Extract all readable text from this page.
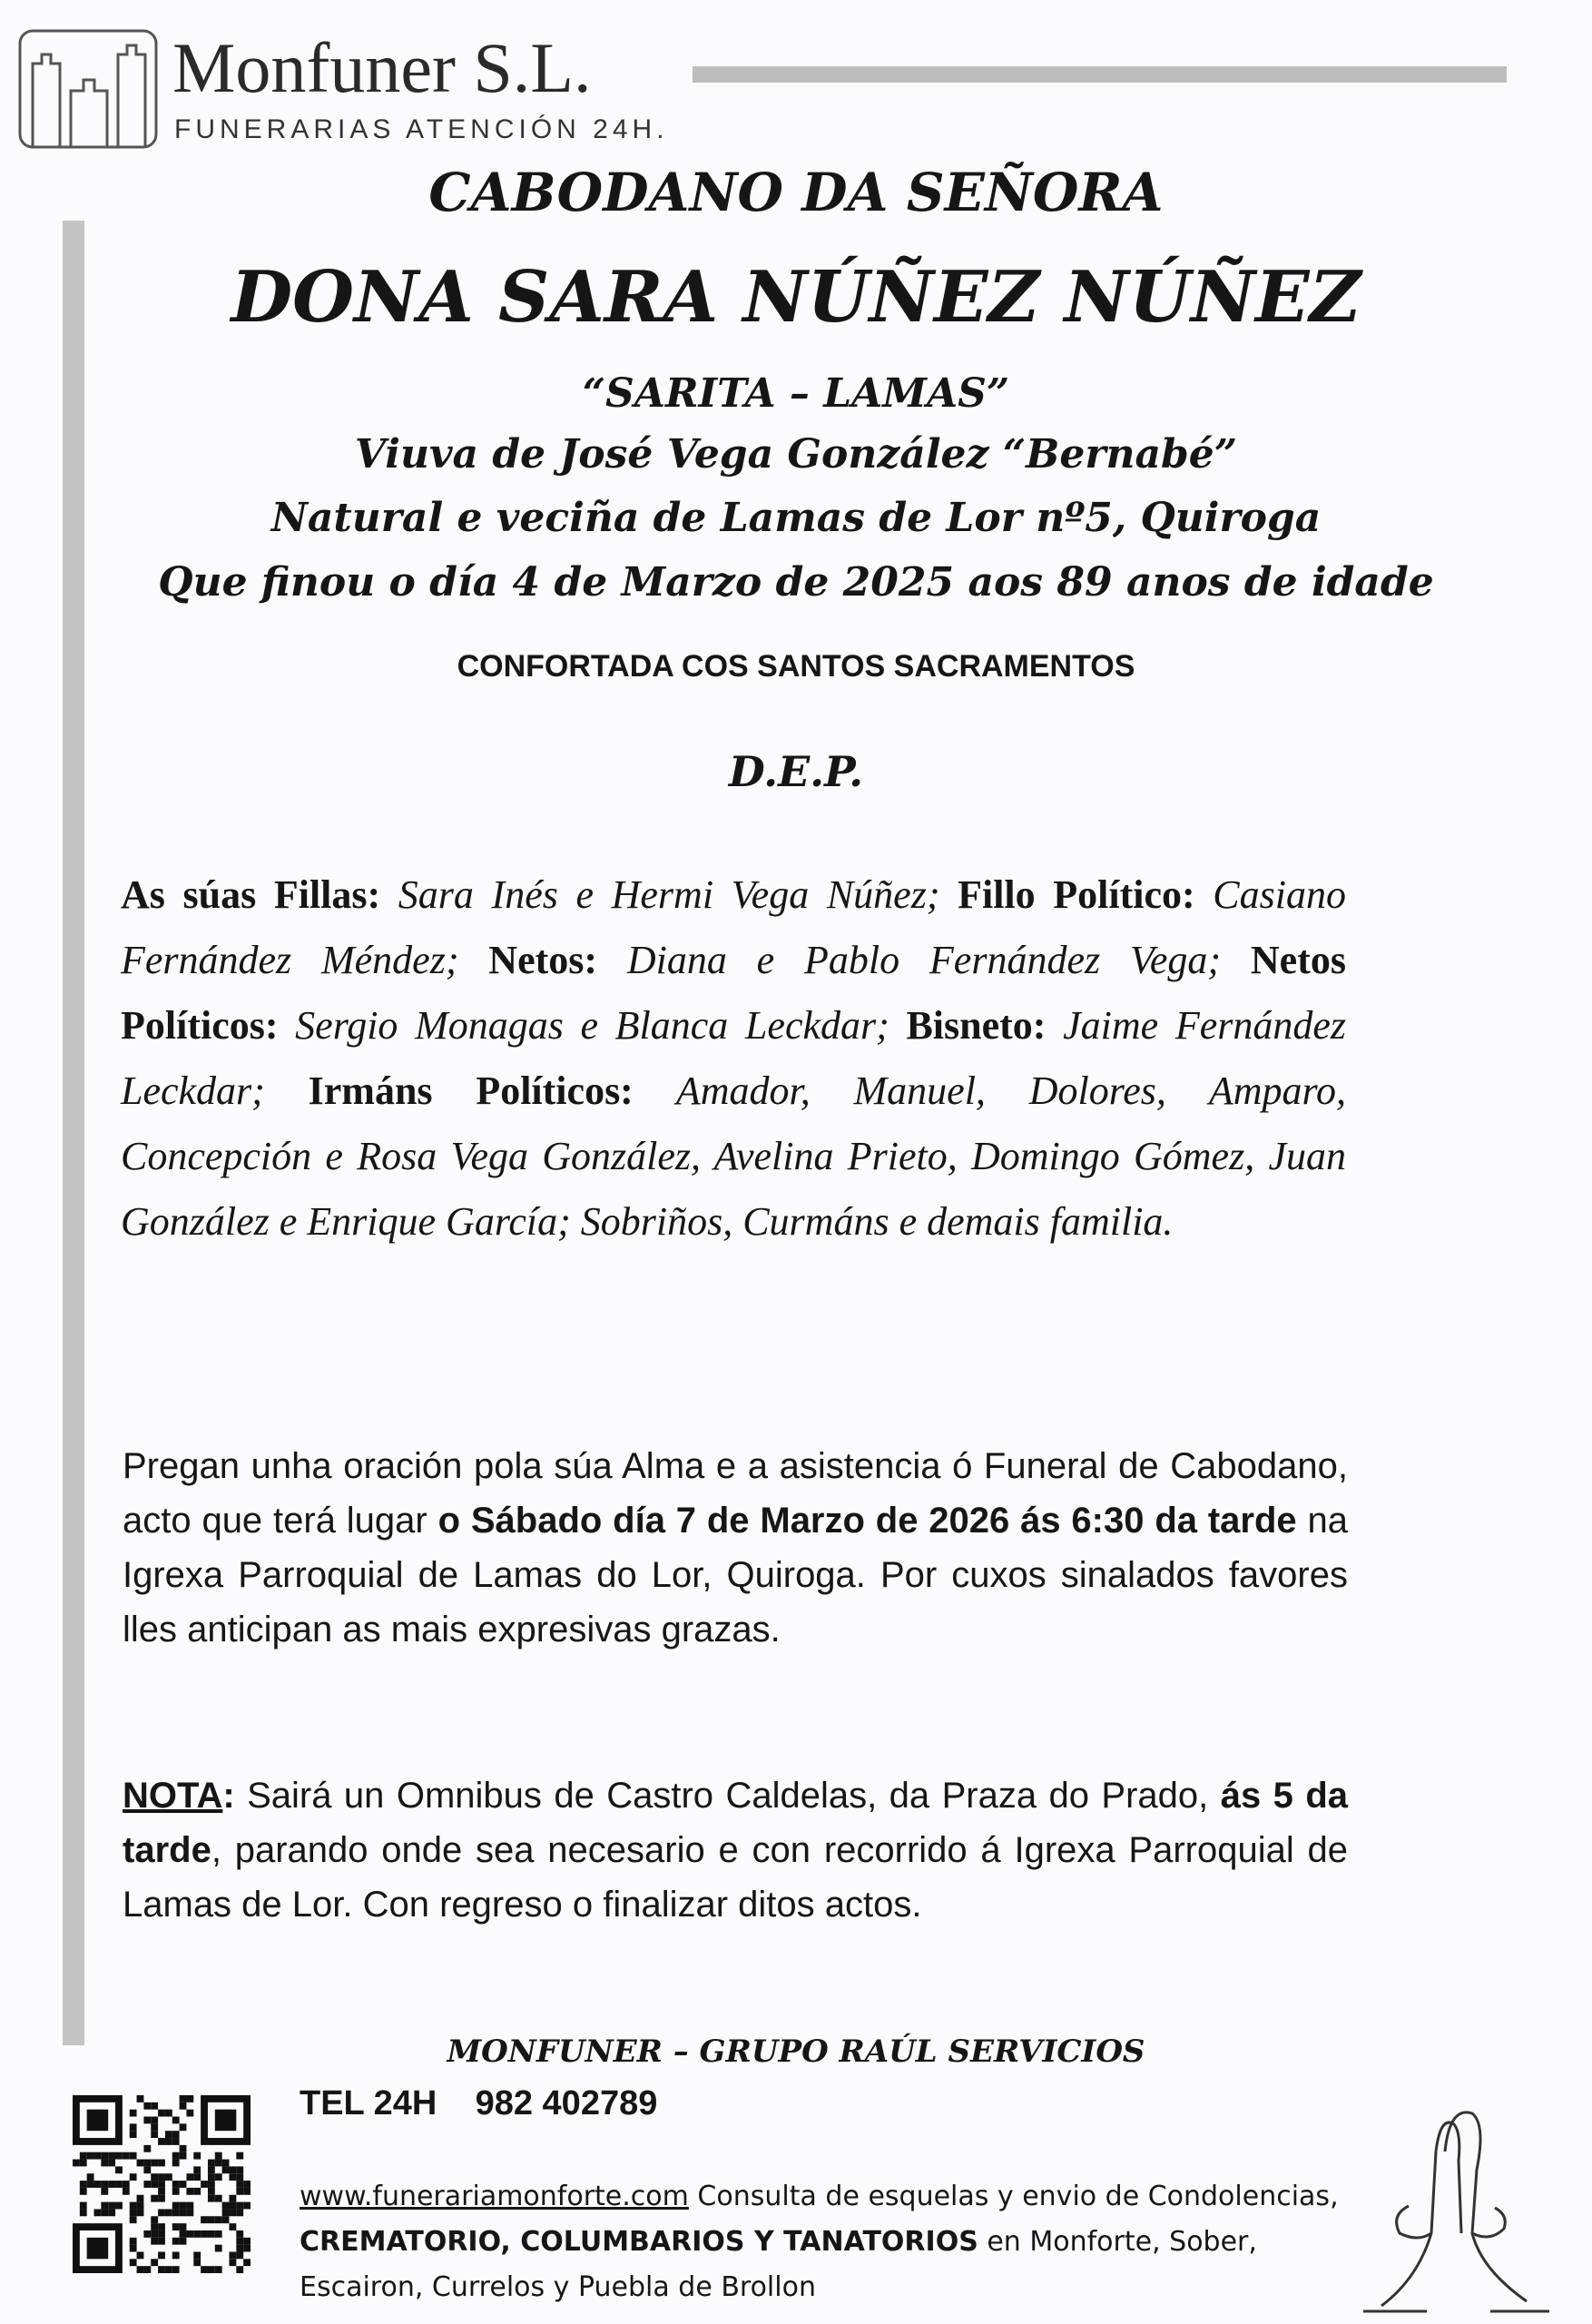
Monfuner S.L.
FUNERARIAS ATENCIÓN 24H.
CABODANO DA SEÑORA
DONA SARA NÚÑEZ NÚÑEZ
“SARITA – LAMAS”
Viuva de José Vega González “Bernabé”
Natural e veciña de Lamas de Lor nº5, Quiroga
Que finou o día 4 de Marzo de 2025 aos 89 anos de idade
CONFORTADA COS SANTOS SACRAMENTOS
D.E.P.
As súas Fillas: Sara Inés e Hermi Vega Núñez; Fillo Político: Casiano Fernández Méndez; Netos: Diana e Pablo Fernández Vega; Netos Políticos: Sergio Monagas e Blanca Leckdar; Bisneto: Jaime Fernández Leckdar; Irmáns Políticos: Amador, Manuel, Dolores, Amparo, Concepción e Rosa Vega González, Avelina Prieto, Domingo Gómez, Juan González e Enrique García; Sobriños, Curmáns e demais familia.
Pregan unha oración pola súa Alma e a asistencia ó Funeral de Cabodano, acto que terá lugar o Sábado día 7 de Marzo de 2026 ás 6:30 da tarde na Igrexa Parroquial de Lamas do Lor, Quiroga. Por cuxos sinalados favores lles anticipan as mais expresivas grazas.
NOTA: Sairá un Omnibus de Castro Caldelas, da Praza do Prado, ás 5 da tarde, parando onde sea necesario e con recorrido á Igrexa Parroquial de Lamas de Lor. Con regreso o finalizar ditos actos.
MONFUNER – GRUPO RAÚL SERVICIOS
TEL 24H 982 402789
www.funerariamonforte.com Consulta de esquelas y envio de Condolencias, CREMATORIO, COLUMBARIOS Y TANATORIOS en Monforte, Sober, Escairon, Currelos y Puebla de Brollon
